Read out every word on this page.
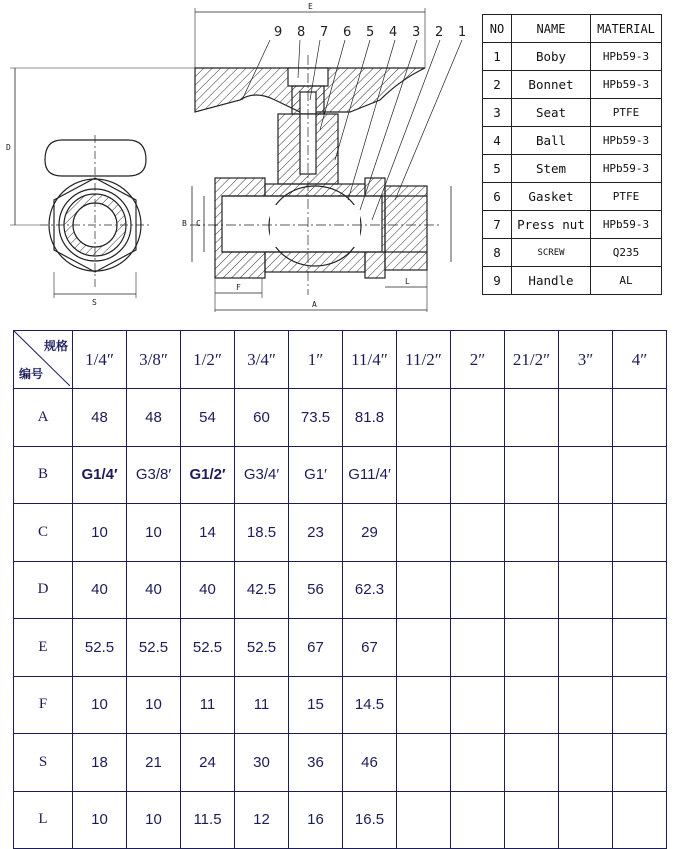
S
D
9 8 7 6 5 4 3 2 1
E
B C
F
L
A
NO	NAME	MATERIAL
1	Boby	HPb59-3
2	Bonnet	HPb59-3
3	Seat	PTFE
4	Ball	HPb59-3
5	Stem	HPb59-3
6	Gasket	PTFE
7	Press nut	HPb59-3
8	SCREW	Q235
9	Handle	AL
规格
编号	1/4″	3/8″	1/2″	3/4″	1″	11/4″	11/2″	2″	21/2″	3″	4″
A	48	48	54	60	73.5	81.8					
B	G1/4′	G3/8′	G1/2′	G3/4′	G1′	G11/4′					
C	10	10	14	18.5	23	29					
D	40	40	40	42.5	56	62.3					
E	52.5	52.5	52.5	52.5	67	67					
F	10	10	11	11	15	14.5					
S	18	21	24	30	36	46					
L	10	10	11.5	12	16	16.5					
